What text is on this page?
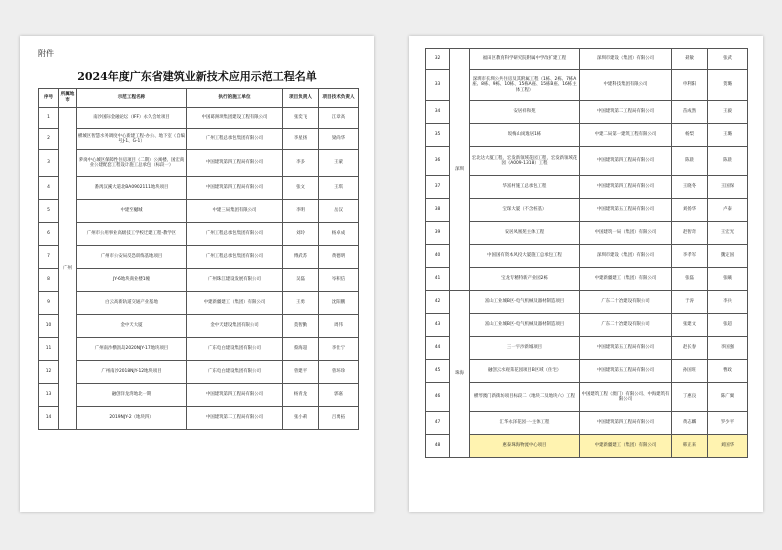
附件
2024年度广东省建筑业新技术应用示范工程名单
序号	所属地市	示范工程名称	执行的施工单位	项目负责人	项目技术负责人
1	广州	南沙国际金融论坛（IFF）永久会址项目	中国葛洲坝集团建设工程有限公司	张奕飞	江章高
2		横城区智慧水务调度中心新建工程-办公、地下室（自编号J-1、G-1）	广州工程总承包集团有限公司	李星扬	梁尚华
3		萝岗中心城区保障性住房项目（二期）公寓楼、国宏商业公建配套工程设计施工总承包（标段一）	中国建筑第四工程局有限公司	李多	王蒙
4		番禺汉溪大道北BA0902111地块项目	中国建筑第四工程局有限公司	张文	王琪
5		中建至樾城	中建三局集团有限公司	李明	岳汉
6		广州市公用事业高级技工学校迁建工程-教学区	广州工程总承包集团有限公司	刘玲	杨卓成
7		广州市公安局反恐训练基地项目	广州工程总承包集团有限公司	傅武苏	黄德明
8		JY-6地块商业楼1幢	广州珠江建设发展有限公司	吴磊	岑积信
9		白云高新轨道交通产业基地	中建新疆建工（集团）有限公司	王勇	沈阳鹏
10		金中天大厦	金中天建设集团有限公司	莫智勤	周伟
11		广州南沙横沥岛2020NJY-17地块项目	广东电白建设集团有限公司	蔡海超	李仕宁
12		广州南沙2018NJY-12地块项目	广东电白建设集团有限公司	曾建平	曾环珍
13		融创洋龙湾地北一期	中国建筑第四工程局有限公司	杨青龙	郭嘉
14		2019NJY-2（地块四）	中国建筑第二工程局有限公司	张小莉	吕勇拓
32	深圳	福田区教育科学研究院附属中学改扩建工程	深圳市建设（集团）有限公司	聂敏	张武
33		深圳市长圳公共住房及其附属工程（1栋、2栋、7栋A座、8栋、9栋、10栋、15栋A座、15栋B座、16栋主体工程）	中建科技集团有限公司	申利阳	贺璐
34		安居祥和苑	中国建筑第二工程局有限公司	苗成然	王毅
35		坂梅山岗逸居1栋	中建二局第一建筑工程有限公司	杨梨	王璐
36		宏北达大厦工程，宏发新领域花园工程，宏发新领域花园（A009-1318）工程	中国建筑第四工程局有限公司	陈晨	陈晨
37		华富村施工总承包工程	中国建筑第四工程局有限公司	王晓冬	王国保
38		宝琛大厦（不含桩基）	中国建筑第五工程局有限公司	刘扬华	卢泰
39		安居凤凰苑主体工程	中国建筑一局（集团）有限公司	赵智奇	王宏光
40		中国国有资本风投大厦施工总承包工程	深圳市建设（集团）有限公司	李孝军	魏定国
41		宝龙专精特新产业园2栋	中建新疆建工（集团）有限公司	张磊	张曦
42	珠海	富山工业城B区-电气机械及器材制造项目	广东二十冶建设有限公司	于涛	李兵
43		富山工业城B区-电气机械及器材制造项目	广东二十冶建设有限公司	张建文	张超
44		三一宇沙新城项目	中国建筑第五工程局有限公司	赵长春	李国强
45		融创云水观茉花园项目B区域（住宅）	中国建筑第五工程局有限公司	孙国旺	曹政
46		横琴澳门新街坊项目标段二（地块二及地块六）工程	中国建筑工程（澳门）有限公司、中海建筑有限公司	丁惠良	陈广翼
47		汇华永泽花园一-主体工程	中国建筑第四工程局有限公司	黄志麟	罗少平
48		惠泰珠海物流中心项目	中建新疆建工（集团）有限公司	韩正来	刘国华
